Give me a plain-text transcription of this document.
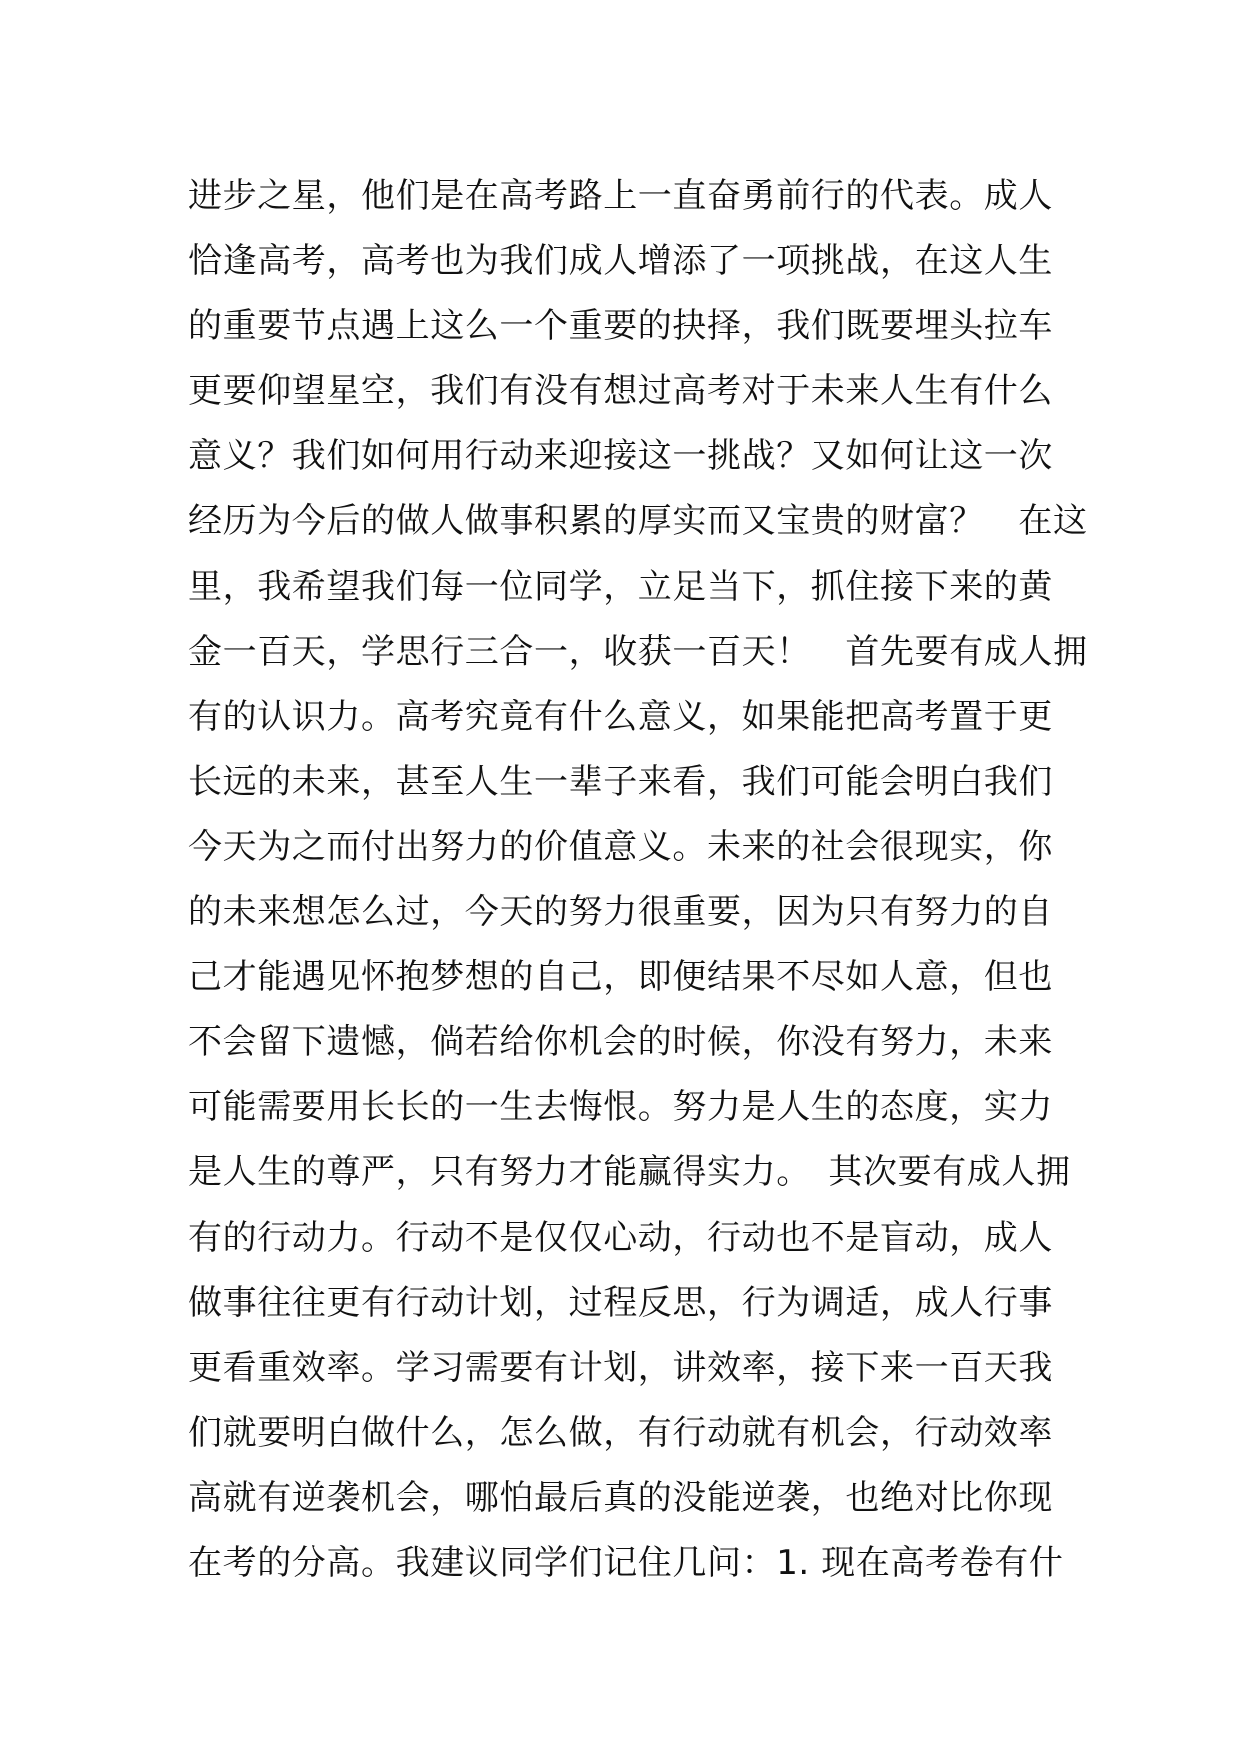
进步之星，他们是在高考路上一直奋勇前行的代表。成人
恰逢高考，高考也为我们成人增添了一项挑战，在这人生
的重要节点遇上这么一个重要的抉择，我们既要埋头拉车
更要仰望星空，我们有没有想过高考对于未来人生有什么
意义？我们如何用行动来迎接这一挑战？又如何让这一次
经历为今后的做人做事积累的厚实而又宝贵的财富？　在这
里，我希望我们每一位同学，立足当下，抓住接下来的黄
金一百天，学思行三合一，收获一百天！　首先要有成人拥
有的认识力。高考究竟有什么意义，如果能把高考置于更
长远的未来，甚至人生一辈子来看，我们可能会明白我们
今天为之而付出努力的价值意义。未来的社会很现实，你
的未来想怎么过，今天的努力很重要，因为只有努力的自
己才能遇见怀抱梦想的自己，即便结果不尽如人意，但也
不会留下遗憾，倘若给你机会的时候，你没有努力，未来
可能需要用长长的一生去悔恨。努力是人生的态度，实力
是人生的尊严，只有努力才能赢得实力。　其次要有成人拥
有的行动力。行动不是仅仅心动，行动也不是盲动，成人
做事往往更有行动计划，过程反思，行为调适，成人行事
更看重效率。学习需要有计划，讲效率，接下来一百天我
们就要明白做什么，怎么做，有行动就有机会，行动效率
高就有逆袭机会，哪怕最后真的没能逆袭，也绝对比你现
在考的分高。我建议同学们记住几问：1. 现在高考卷有什
